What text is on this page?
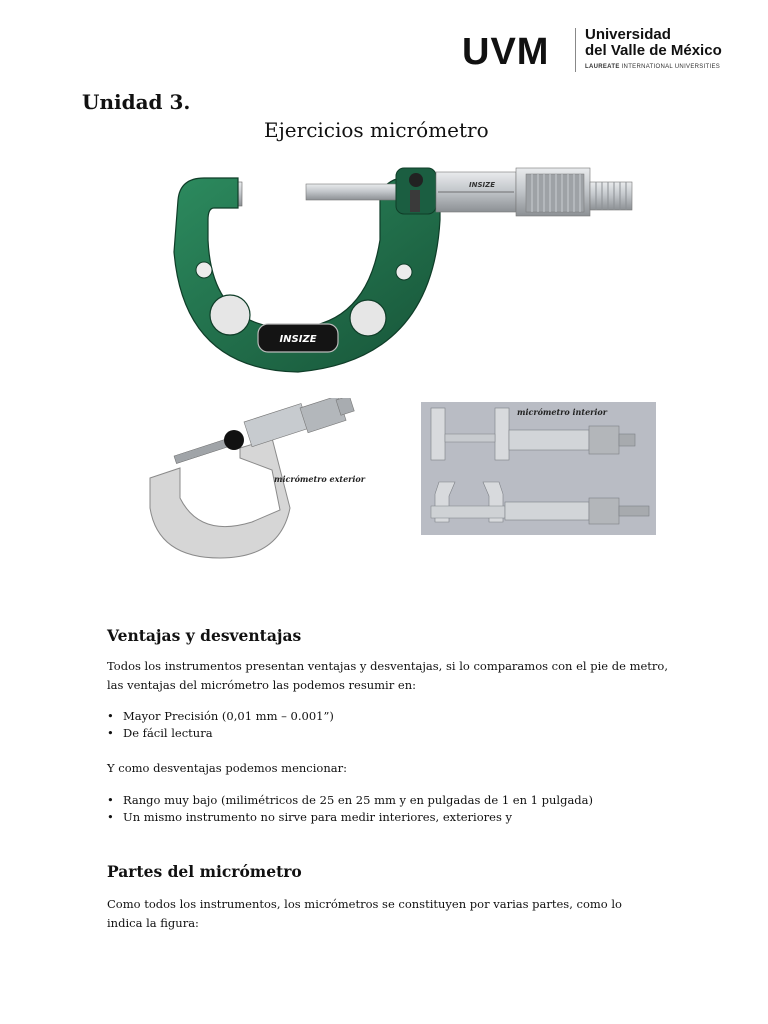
UVM Universidad
del Valle de México
LAUREATE INTERNATIONAL UNIVERSITIES
Unidad 3.
Ejercicios micrómetro
INSIZE
INSIZE
micrómetro exterior
micrómetro interior
Ventajas y desventajas
Todos los instrumentos presentan ventajas y desventajas, si lo comparamos con el pie de metro,
las ventajas del micrómetro las podemos resumir en:
• Mayor Precisión (0,01 mm – 0.001”)
• De fácil lectura
Y como desventajas podemos mencionar:
• Rango muy bajo (milimétricos de 25 en 25 mm y en pulgadas de 1 en 1 pulgada)
• Un mismo instrumento no sirve para medir interiores, exteriores y
Partes del micrómetro
Como todos los instrumentos, los micrómetros se constituyen por varias partes, como lo
indica la figura:
